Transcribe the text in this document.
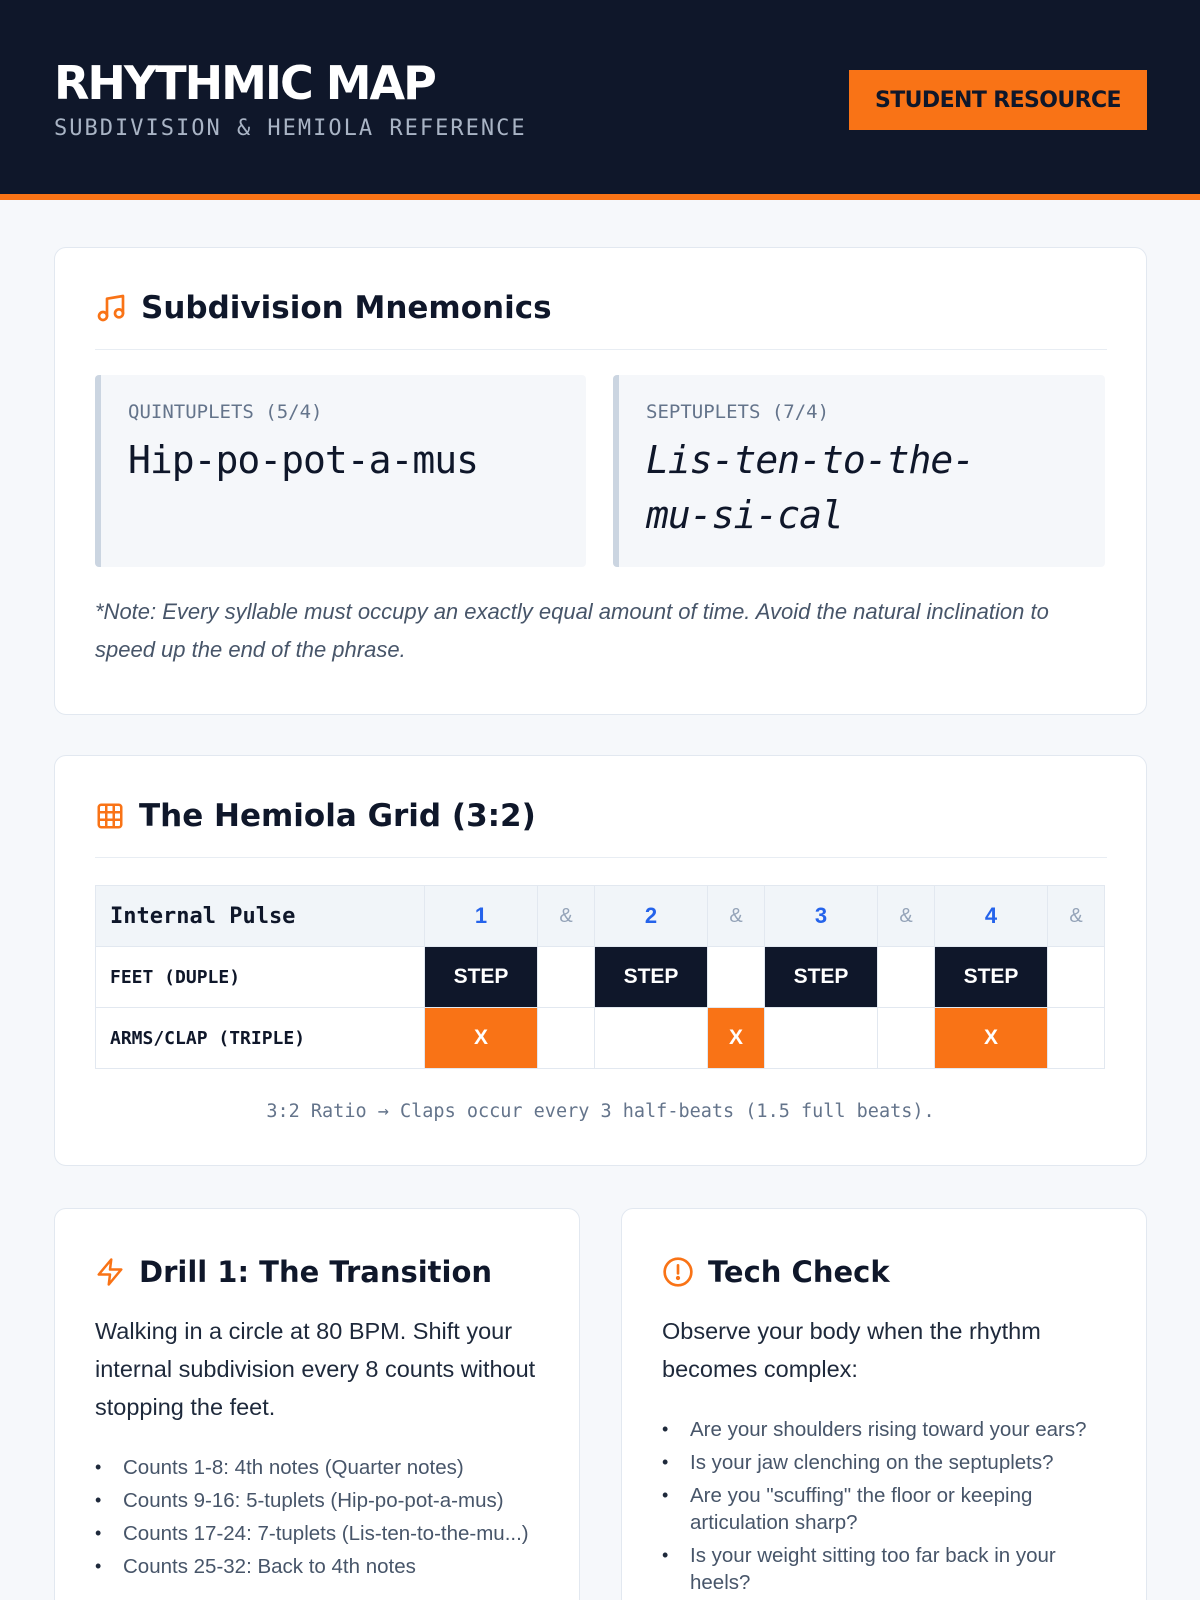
RHYTHMIC MAP
SUBDIVISION & HEMIOLA REFERENCE
STUDENT RESOURCE
Subdivision Mnemonics
QUINTUPLETS (5/4)
Hip-po-pot-a-mus
SEPTUPLETS (7/4)
Lis-ten-to-the-
mu-si-cal
*Note: Every syllable must occupy an exactly equal amount of time. Avoid the natural inclination to speed up the end of the phrase.
The Hemiola Grid (3:2)
Internal Pulse	1	&	2	&	3	&	4	&
FEET (DUPLE)	STEP		STEP		STEP		STEP	
ARMS/CLAP (TRIPLE)	X			X			X	
3:2 Ratio → Claps occur every 3 half-beats (1.5 full beats).
Drill 1: The Transition
Walking in a circle at 80 BPM. Shift your internal subdivision every 8 counts without stopping the feet.
• Counts 1-8: 4th notes (Quarter notes)
• Counts 9-16: 5-tuplets (Hip-po-pot-a-mus)
• Counts 17-24: 7-tuplets (Lis-ten-to-the-mu...)
• Counts 25-32: Back to 4th notes
Tech Check
Observe your body when the rhythm becomes complex:
• Are your shoulders rising toward your ears?
• Is your jaw clenching on the septuplets?
• Are you "scuffing" the floor or keeping articulation sharp?
• Is your weight sitting too far back in your heels?
